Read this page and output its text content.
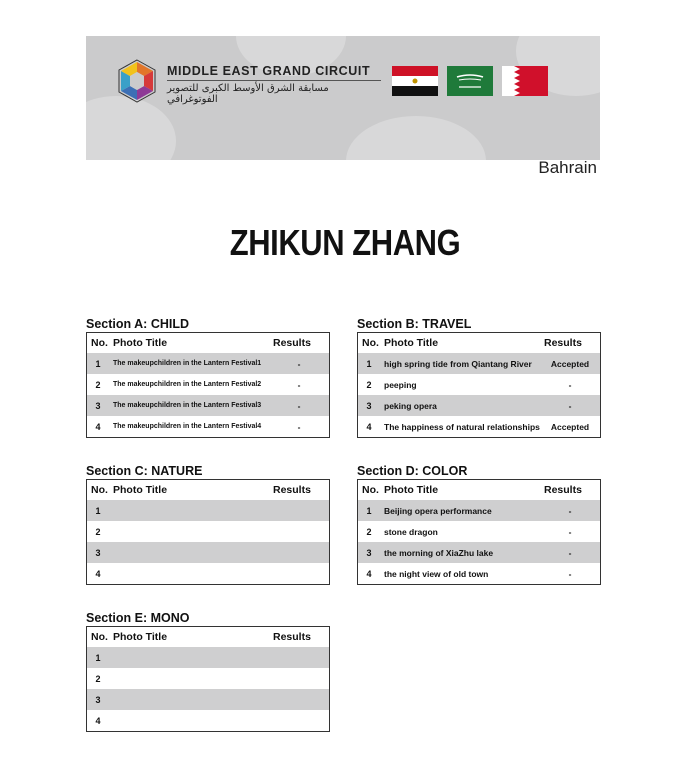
MIDDLE EAST GRAND CIRCUIT
مسابقة الشرق الأوسط الكبرى للتصوير الفوتوغرافي
Bahrain
ZHIKUN ZHANG
Section A: CHILD
No.	Photo Title	Results
1	The makeupchildren in the Lantern Festival1	-
2	The makeupchildren in the Lantern Festival2	-
3	The makeupchildren in the Lantern Festival3	-
4	The makeupchildren in the Lantern Festival4	-
Section B: TRAVEL
No.	Photo Title	Results
1	high spring tide from Qiantang River	Accepted
2	peeping	-
3	peking opera	-
4	The happiness of natural relationships	Accepted
Section C: NATURE
No.	Photo Title	Results
1		
2		
3		
4		
Section D: COLOR
No.	Photo Title	Results
1	Beijing opera performance	-
2	stone dragon	-
3	the morning of XiaZhu lake	-
4	the night view of old town	-
Section E: MONO
No.	Photo Title	Results
1		
2		
3		
4		
